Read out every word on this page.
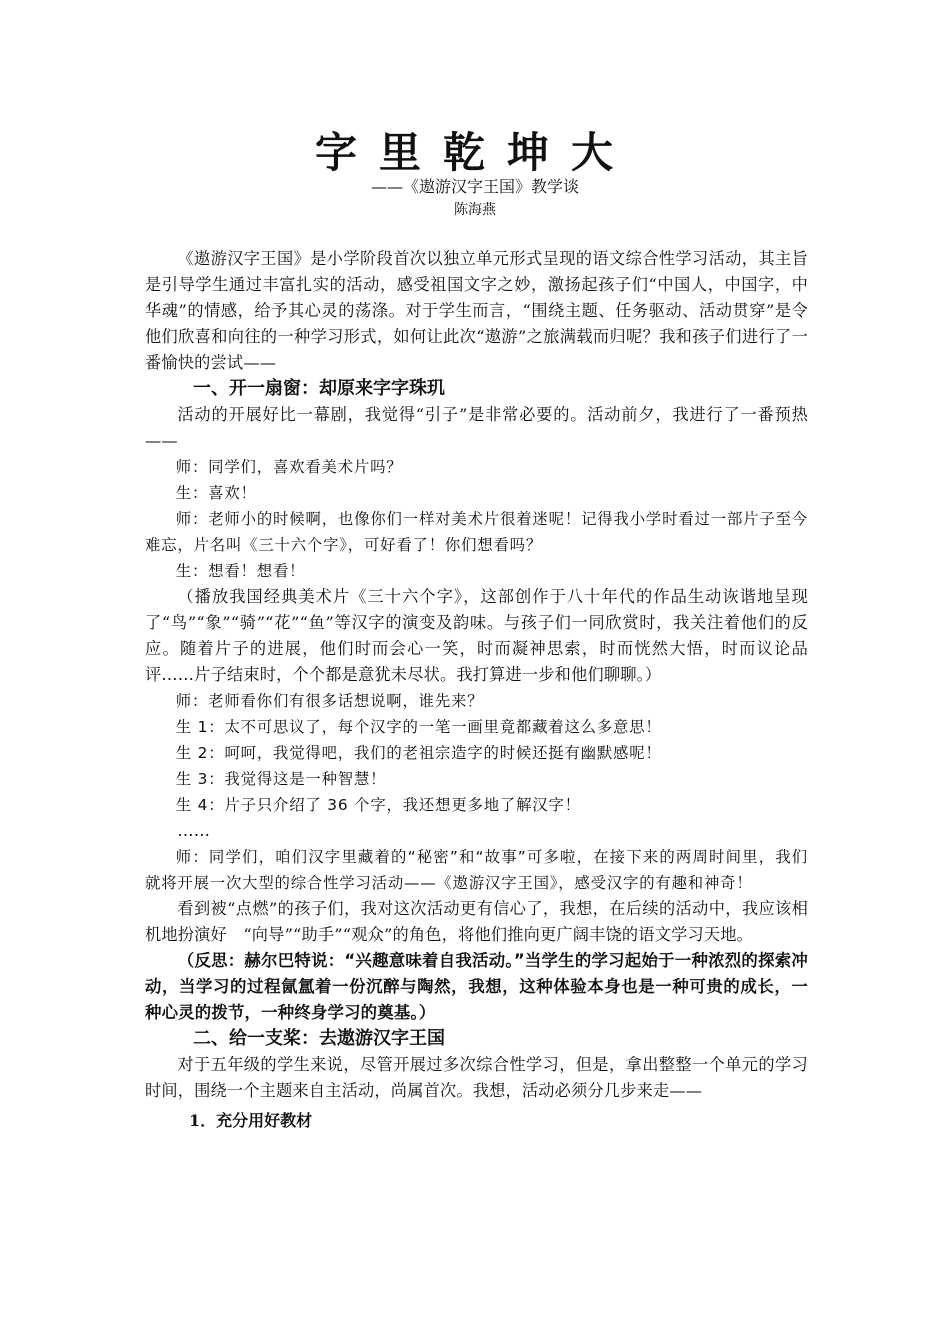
字里乾坤大
——《遨游汉字王国》教学谈
陈海燕

《遨游汉字王国》是小学阶段首次以独立单元形式呈现的语文综合性学习活动，其主旨是引导学生通过丰富扎实的活动，感受祖国文字之妙，激扬起孩子们“中国人，中国字，中华魂”的情感，给予其心灵的荡涤。对于学生而言，“围绕主题、任务驱动、活动贯穿”是令他们欣喜和向往的一种学习形式，如何让此次“遨游”之旅满载而归呢？我和孩子们进行了一番愉快的尝试——

一、开一扇窗：却原来字字珠玑

活动的开展好比一幕剧，我觉得“引子”是非常必要的。活动前夕，我进行了一番预热——

师：同学们，喜欢看美术片吗？

生：喜欢！

师：老师小的时候啊，也像你们一样对美术片很着迷呢！记得我小学时看过一部片子至今难忘，片名叫《三十六个字》，可好看了！你们想看吗？

生：想看！想看！

（播放我国经典美术片《三十六个字》，这部创作于八十年代的作品生动诙谐地呈现了“鸟”“象”“骑”“花”“鱼”等汉字的演变及韵味。与孩子们一同欣赏时，我关注着他们的反应。随着片子的进展，他们时而会心一笑，时而凝神思索，时而恍然大悟，时而议论品评……片子结束时，个个都是意犹未尽状。我打算进一步和他们聊聊。）

师：老师看你们有很多话想说啊，谁先来？

生 1：太不可思议了，每个汉字的一笔一画里竟都藏着这么多意思！

生 2：呵呵，我觉得吧，我们的老祖宗造字的时候还挺有幽默感呢！

生 3：我觉得这是一种智慧！

生 4：片子只介绍了 36 个字，我还想更多地了解汉字！

……

师：同学们，咱们汉字里藏着的“秘密”和“故事”可多啦，在接下来的两周时间里，我们就将开展一次大型的综合性学习活动——《遨游汉字王国》，感受汉字的有趣和神奇！

看到被“点燃”的孩子们，我对这次活动更有信心了，我想，在后续的活动中，我应该相机地扮演好　“向导”“助手”“观众”的角色，将他们推向更广阔丰饶的语文学习天地。

（反思：赫尔巴特说：“兴趣意味着自我活动。”当学生的学习起始于一种浓烈的探索冲动，当学习的过程氤氲着一份沉醉与陶然，我想，这种体验本身也是一种可贵的成长，一种心灵的拨节，一种终身学习的奠基。）

二、给一支桨：去遨游汉字王国

对于五年级的学生来说，尽管开展过多次综合性学习，但是，拿出整整一个单元的学习时间，围绕一个主题来自主活动，尚属首次。我想，活动必须分几步来走——

1．充分用好教材
